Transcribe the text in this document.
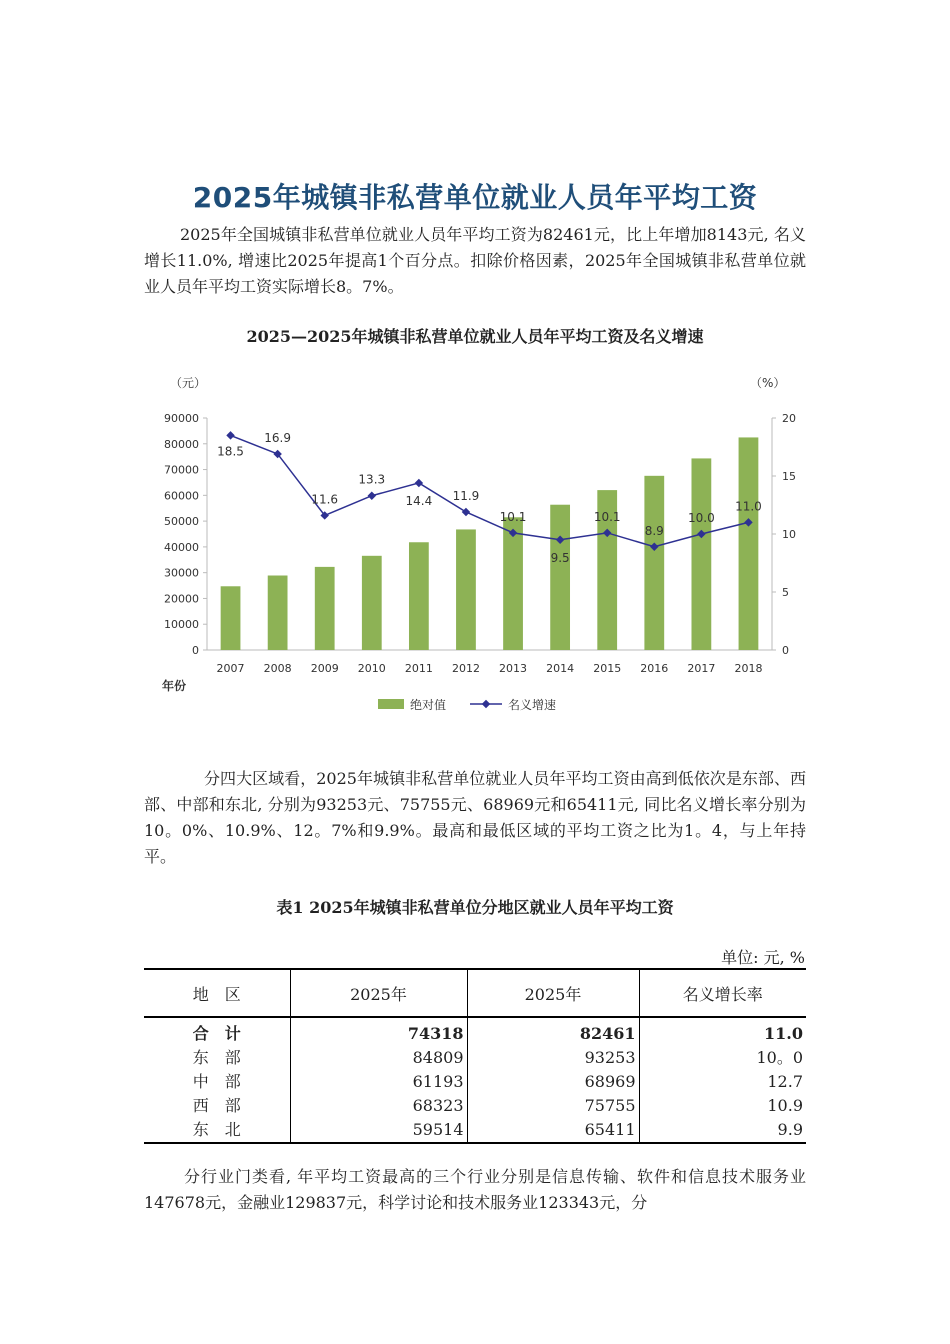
2025年城镇非私营单位就业人员年平均工资

2025年全国城镇非私营单位就业人员年平均工资为82461元，比上年增加8143元, 名义增长11.0%, 增速比2025年提高1个百分点。扣除价格因素，2025年全国城镇非私营单位就业人员年平均工资实际增长8。7%。

2025—2025年城镇非私营单位就业人员年平均工资及名义增速

0
10000
20000
30000
40000
50000
60000
70000
80000
90000
0
5
10
15
20
（元）	（%）
2007 2008 2009 2010 2011 2012 2013 2014 2015 2016 2017 2018
年份
18.5
16.9
11.6
13.3
14.4 11.9
10.1
9.5
10.1
8.9
10.0
11.0
绝对值	名义增速

分四大区域看，2025年城镇非私营单位就业人员年平均工资由高到低依次是东部、西部、中部和东北, 分别为93253元、75755元、68969元和65411元, 同比名义增长率分别为10。0%、10.9%、12。7%和9.9%。最高和最低区域的平均工资之比为1。4，与上年持平。

表1 2025年城镇非私营单位分地区就业人员年平均工资

单位: 元, %
地　区	2025年	2025年	名义增长率
合　计	74318	82461	11.0
东　部	84809	93253	10。0
中　部	61193	68969	12.7
西　部	68323	75755	10.9
东　北	59514	65411	9.9

分行业门类看, 年平均工资最高的三个行业分别是信息传输、软件和信息技术服务业147678元，金融业129837元，科学讨论和技术服务业123343元，分
